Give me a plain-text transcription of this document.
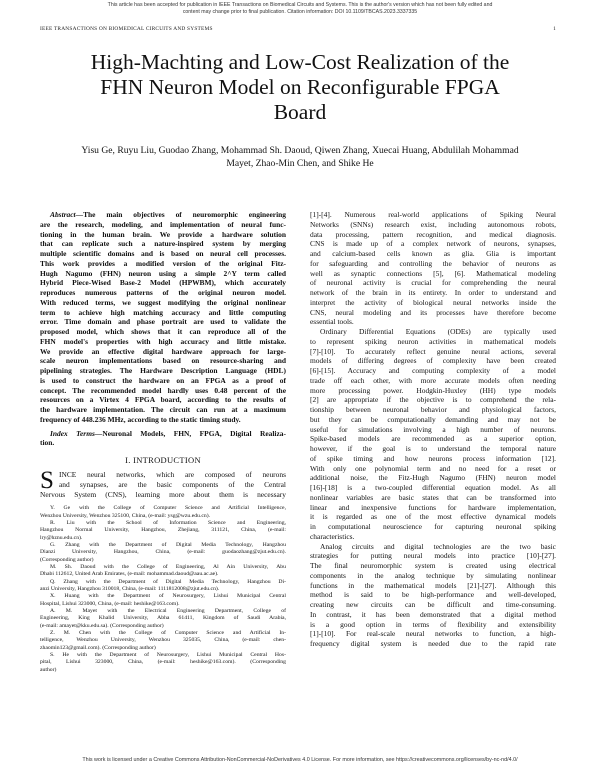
This article has been accepted for publication in IEEE Transactions on Biomedical Circuits and Systems. This is the author's version which has not been fully edited and
content may change prior to final publication. Citation information: DOI 10.1109/TBCAS.2023.3337335
IEEE TRANSACTIONS ON BIOMEDICAL CIRCUITS AND SYSTEMS	1
High-Machting and Low-Cost Realization of the
FHN Neuron Model on Reconfigurable FPGA
Board
Yisu Ge, Ruyu Liu, Guodao Zhang, Mohammad Sh. Daoud, Qiwen Zhang, Xuecai Huang, Abdulilah Mohammad
Mayet, Zhao-Min Chen, and Shike He
Abstract—The main objectives of neuromorphic engineering
are the research, modeling, and implementation of neural func-
tioning in the human brain. We provide a hardware solution
that can replicate such a nature-inspired system by merging
multiple scientific domains and is based on neural cell processes.
This work provides a modified version of the original Fitz-
Hugh Nagumo (FHN) neuron using a simple 2^Y term called
Hybrid Piece-Wised Base-2 Model (HPWBM), which accurately
reproduces numerous patterns of the original neuron model.
With reduced terms, we suggest modifying the original nonlinear
term to achieve high matching accuracy and little computing
error. Time domain and phase portrait are used to validate the
proposed model, which shows that it can reproduce all of the
FHN model's properties with high accuracy and little mistake.
We provide an effective digital hardware approach for large-
scale neuron implementations based on resource-sharing and
pipelining strategies. The Hardware Description Language (HDL)
is used to construct the hardware on an FPGA as a proof of
concept. The recommended model hardly uses 0.48 percent of the
resources on a Virtex 4 FPGA board, according to the results of
the hardware implementation. The circuit can run at a maximum
frequency of 448.236 MHz, according to the static timing study.
Index Terms—Neuronal Models, FHN, FPGA, Digital Realiza-
tion.
I. INTRODUCTION
S INCE neural networks, which are composed of neurons
and synapses, are the basic components of the Central
Nervous System (CNS), learning more about them is necessary
Y. Ge with the College of Computer Science and Artificial Intelligence,
Wenzhou University, Wenzhou 325100, China, (e-mail: ysg@wzu.edu.cn).
R. Liu with the School of Information Science and Engineering,
Hangzhou Normal University, Hangzhou, Zhejiang, 311121, China, (e-mail:
lry@hznu.edu.cn).
G. Zhang with the Department of Digital Media Technology, Hangzhou
Dianzi University, Hangzhou, China, (e-mail: guodaozhang@zjut.edu.cn).
(Corresponding author)
M. Sh. Daoud with the College of Engineering, Al Ain University, Abu
Dhabi 112612, United Arab Emirates, (e-mail: mohammad.daoud@aau.ac.ae).
Q. Zhang with the Department of Digital Media Technology, Hangzhou Di-
anzi University, Hangzhou 310018, China, (e-mail: 1111812008@zjut.edu.cn).
X. Huang with the Department of Neurosurgery, Lishui Municipal Central
Hospital, Lishui 323000, China, (e-mail: heshike@163.com).
A. M. Mayet with the Electrical Engineering Department, College of
Engineering, King Khalid University, Abha 61411, Kingdom of Saudi Arabia,
(e-mail: amayet@kku.edu.sa). (Corresponding author)
Z. M. Chen with the College of Computer Science and Artificial In-
telligence, Wenzhou University, Wenzhou 325035, China, (e-mail: chen-
zhaomin123@gmail.com). (Corresponding author)
S. He with the Department of Neurosurgery, Lishui Municipal Central Hos-
pital, Lishui 323000, China, (e-mail: heshike@163.com). (Corresponding
author)
[1]-[4]. Numerous real-world applications of Spiking Neural
Networks (SNNs) research exist, including autonomous robots,
data processing, pattern recognition, and medical diagnosis.
CNS is made up of a complex network of neurons, synapses,
and calcium-based cells known as glia. Glia is important
for safeguarding and controlling the behavior of neurons as
well as synaptic connections [5], [6]. Mathematical modeling
of neuronal activity is crucial for comprehending the neural
network of the brain in its entirety. In order to understand and
interpret the activity of biological neural networks inside the
CNS, neural modeling and its processes have therefore become
essential tools.
Ordinary Differential Equations (ODEs) are typically used
to represent spiking neuron activities in mathematical models
[7]-[10]. To accurately reflect genuine neural actions, several
models of differing degrees of complexity have been created
[6]-[15]. Accuracy and computing complexity of a model
trade off each other, with more accurate models often needing
more processing power. Hodgkin-Huxley (HH) type models
[2] are appropriate if the objective is to comprehend the rela-
tionship between neuronal behavior and physiological factors,
but they can be computationally demanding and may not be
useful for simulations involving a high number of neurons.
Spike-based models are recommended as a superior option,
however, if the goal is to understand the temporal nature
of spike timing and how neurons process information [12].
With only one polynomial term and no need for a reset or
additional noise, the Fitz-Hugh Nagumo (FHN) neuron model
[16]-[18] is a two-coupled differential equation model. As all
nonlinear variables are basic states that can be transformed into
linear and inexpensive functions for hardware implementation,
it is regarded as one of the most effective dynamical models
in computational neuroscience for capturing neuronal spiking
characteristics.
Analog circuits and digital technologies are the two basic
strategies for putting neural models into practice [10]-[27].
The final neuromorphic system is created using electrical
components in the analog technique by simulating nonlinear
functions in the mathematical models [21]-[27]. Although this
method is said to be high-performance and well-developed,
creating new circuits can be difficult and time-consuming.
In contrast, it has been demonstrated that a digital method
is a good option in terms of flexibility and extensibility
[1]-[10]. For real-scale neural networks to function, a high-
frequency digital system is needed due to the rapid rate
This work is licensed under a Creative Commons Attribution-NonCommercial-NoDerivatives 4.0 License. For more information, see https://creativecommons.org/licenses/by-nc-nd/4.0/
